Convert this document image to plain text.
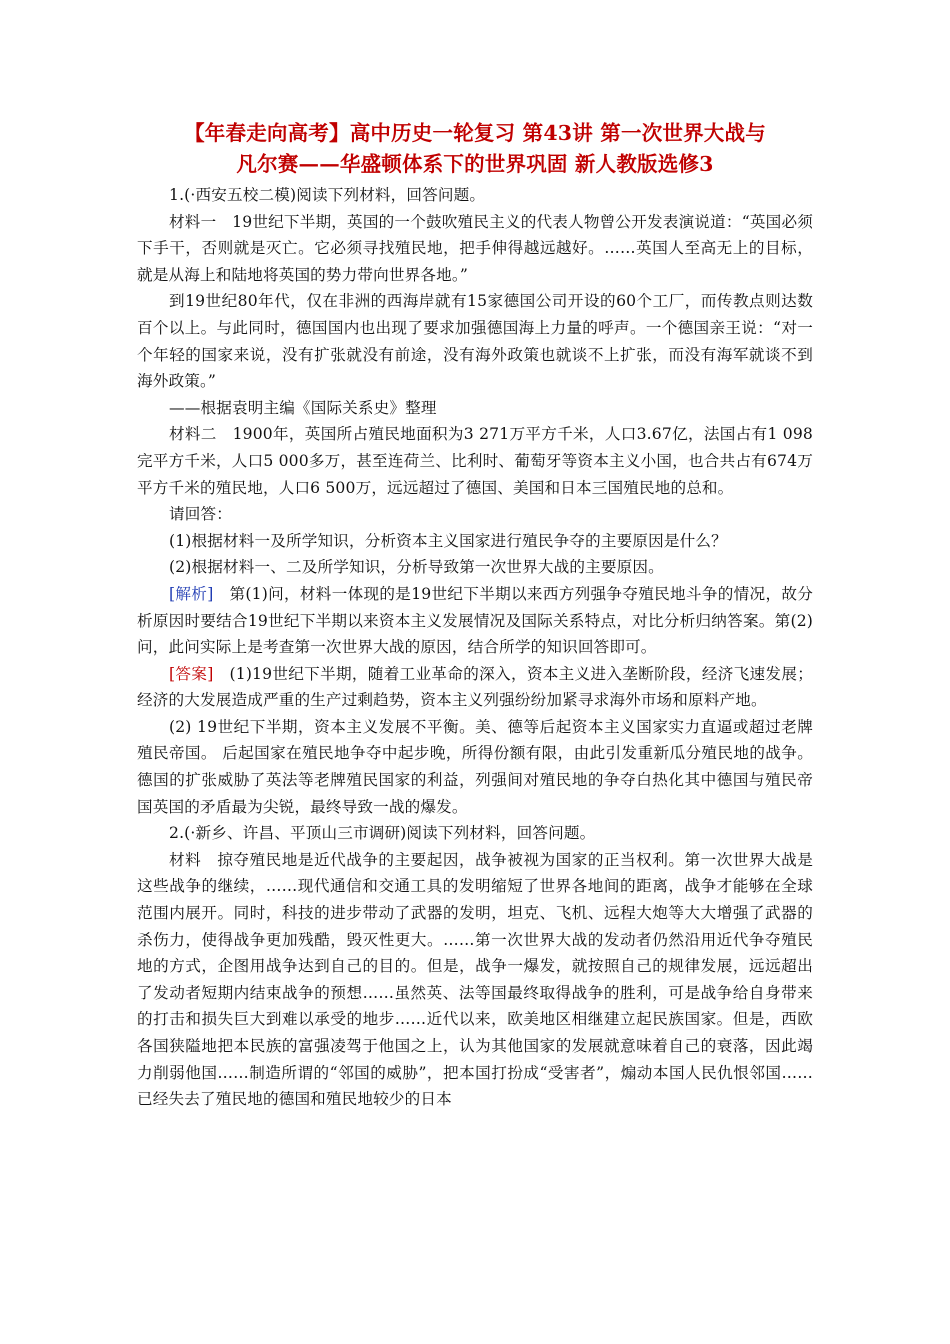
【年春走向高考】高中历史一轮复习 第43讲 第一次世界大战与
凡尔赛——华盛顿体系下的世界巩固 新人教版选修3

1.(·西安五校二模)阅读下列材料，回答问题。

材料一　19世纪下半期，英国的一个鼓吹殖民主义的代表人物曾公开发表演说道：“英国必须下手干，否则就是灭亡。它必须寻找殖民地，把手伸得越远越好。……英国人至高无上的目标，就是从海上和陆地将英国的势力带向世界各地。”

到19世纪80年代，仅在非洲的西海岸就有15家德国公司开设的60个工厂，而传教点则达数百个以上。与此同时，德国国内也出现了要求加强德国海上力量的呼声。一个德国亲王说：“对一个年轻的国家来说，没有扩张就没有前途，没有海外政策也就谈不上扩张，而没有海军就谈不到海外政策。”

——根据袁明主编《国际关系史》整理

材料二　1900年，英国所占殖民地面积为3 271万平方千米，人口3.67亿，法国占有1 098完平方千米，人口5 000多万，甚至连荷兰、比利时、葡萄牙等资本主义小国，也合共占有674万平方千米的殖民地，人口6 500万，远远超过了德国、美国和日本三国殖民地的总和。

请回答：

(1)根据材料一及所学知识，分析资本主义国家进行殖民争夺的主要原因是什么？

(2)根据材料一、二及所学知识，分析导致第一次世界大战的主要原因。

[解析]　第(1)问，材料一体现的是19世纪下半期以来西方列强争夺殖民地斗争的情况，故分析原因时要结合19世纪下半期以来资本主义发展情况及国际关系特点，对比分析归纳答案。第(2)问，此问实际上是考查第一次世界大战的原因，结合所学的知识回答即可。

[答案]　(1)19世纪下半期，随着工业革命的深入，资本主义进入垄断阶段，经济飞速发展；经济的大发展造成严重的生产过剩趋势，资本主义列强纷纷加紧寻求海外市场和原料产地。

(2) 19世纪下半期，资本主义发展不平衡。美、德等后起资本主义国家实力直逼或超过老牌殖民帝国。 后起国家在殖民地争夺中起步晚，所得份额有限，由此引发重新瓜分殖民地的战争。 德国的扩张威胁了英法等老牌殖民国家的利益，列强间对殖民地的争夺白热化其中德国与殖民帝国英国的矛盾最为尖锐，最终导致一战的爆发。

2.(·新乡、许昌、平顶山三市调研)阅读下列材料，回答问题。

材料　掠夺殖民地是近代战争的主要起因，战争被视为国家的正当权利。第一次世界大战是这些战争的继续，……现代通信和交通工具的发明缩短了世界各地间的距离，战争才能够在全球范围内展开。同时，科技的进步带动了武器的发明，坦克、飞机、远程大炮等大大增强了武器的杀伤力，使得战争更加残酷，毁灭性更大。……第一次世界大战的发动者仍然沿用近代争夺殖民地的方式，企图用战争达到自己的目的。但是，战争一爆发，就按照自己的规律发展，远远超出了发动者短期内结束战争的预想……虽然英、法等国最终取得战争的胜利，可是战争给自身带来的打击和损失巨大到难以承受的地步……近代以来，欧美地区相继建立起民族国家。但是，西欧各国狭隘地把本民族的富强凌驾于他国之上，认为其他国家的发展就意味着自己的衰落，因此竭力削弱他国……制造所谓的“邻国的威胁”，把本国打扮成“受害者”，煽动本国人民仇恨邻国……已经失去了殖民地的德国和殖民地较少的日本
